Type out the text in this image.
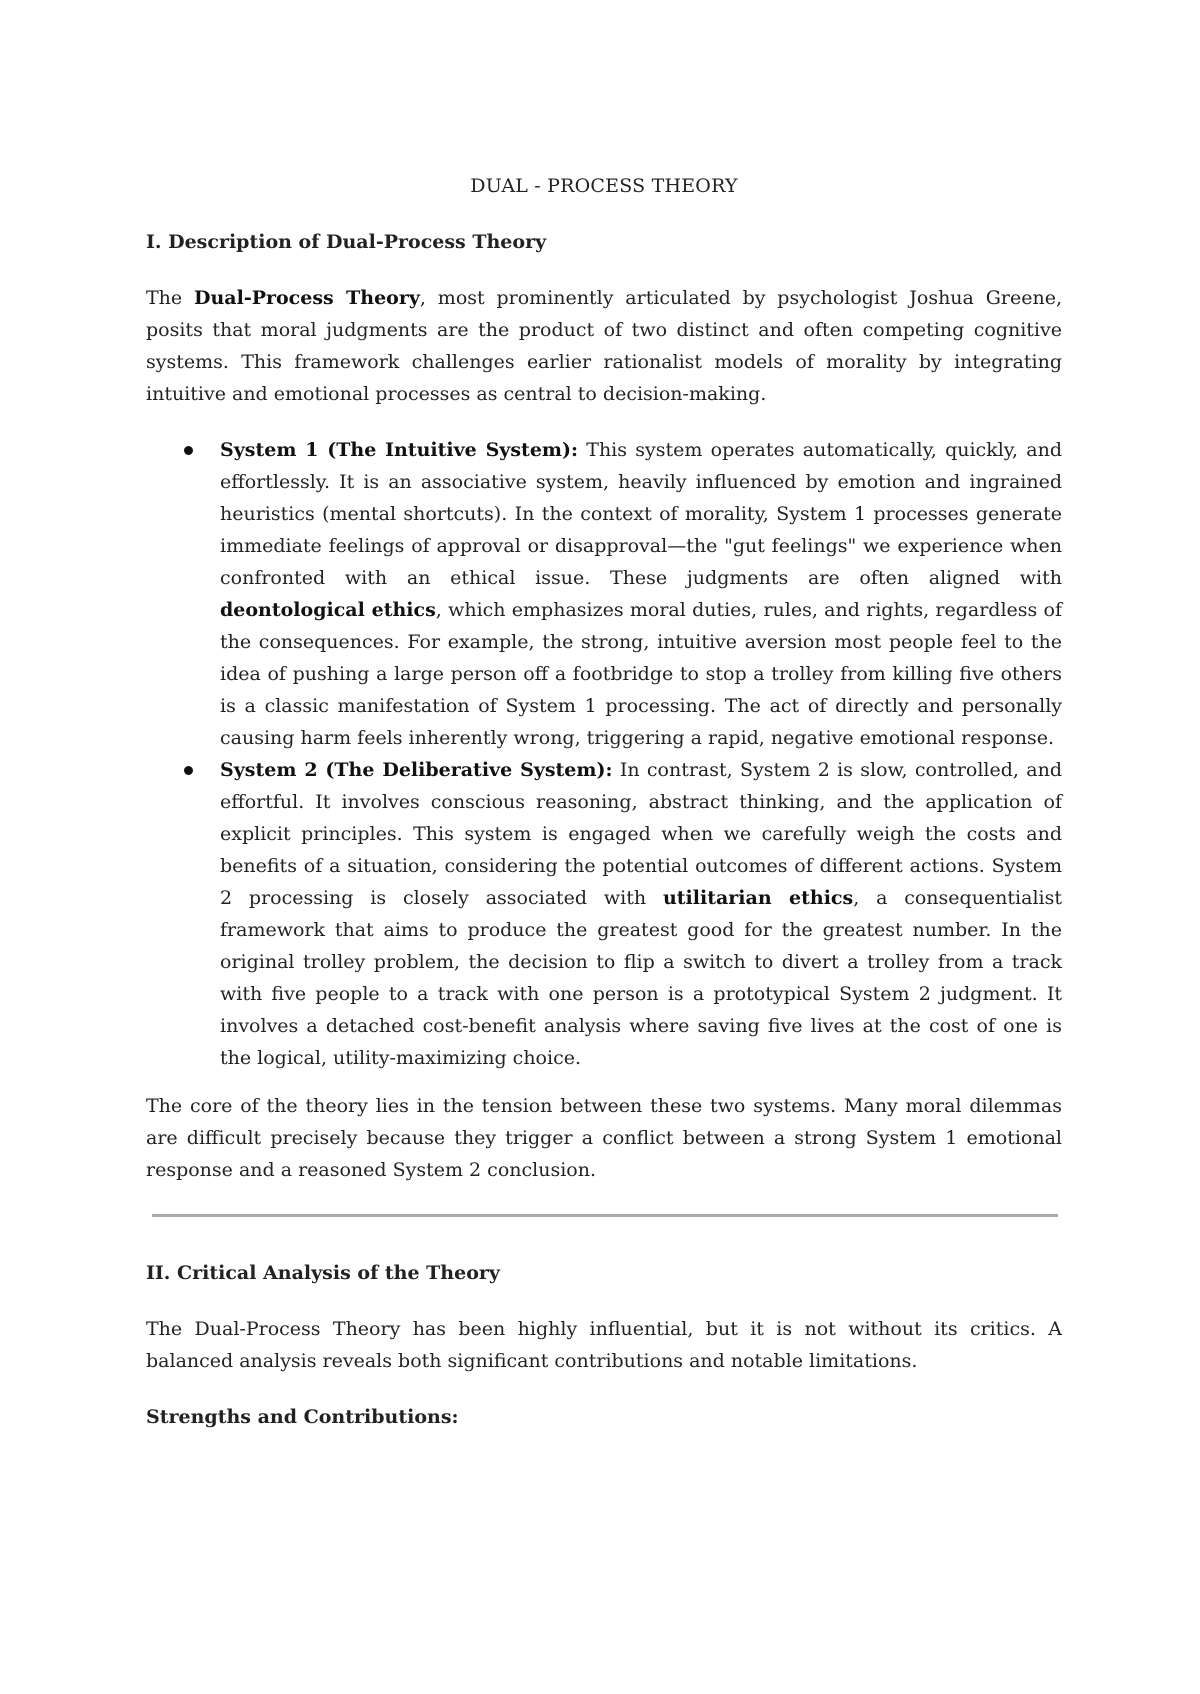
DUAL - PROCESS THEORY
I. Description of Dual-Process Theory

The Dual-Process Theory, most prominently articulated by psychologist Joshua Greene, posits that moral judgments are the product of two distinct and often competing cognitive systems. This framework challenges earlier rationalist models of morality by integrating intuitive and emotional processes as central to decision-making.

System 1 (The Intuitive System): This system operates automatically, quickly, and effortlessly. It is an associative system, heavily influenced by emotion and ingrained heuristics (mental shortcuts). In the context of morality, System 1 processes generate immediate feelings of approval or disapproval—the "gut feelings" we experience when confronted with an ethical issue. These judgments are often aligned with deontological ethics, which emphasizes moral duties, rules, and rights, regardless of the consequences. For example, the strong, intuitive aversion most people feel to the idea of pushing a large person off a footbridge to stop a trolley from killing five others is a classic manifestation of System 1 processing. The act of directly and personally causing harm feels inherently wrong, triggering a rapid, negative emotional response.
System 2 (The Deliberative System): In contrast, System 2 is slow, controlled, and effortful. It involves conscious reasoning, abstract thinking, and the application of explicit principles. This system is engaged when we carefully weigh the costs and benefits of a situation, considering the potential outcomes of different actions. System 2 processing is closely associated with utilitarian ethics, a consequentialist framework that aims to produce the greatest good for the greatest number. In the original trolley problem, the decision to flip a switch to divert a trolley from a track with five people to a track with one person is a prototypical System 2 judgment. It involves a detached cost-benefit analysis where saving five lives at the cost of one is the logical, utility-maximizing choice.

The core of the theory lies in the tension between these two systems. Many moral dilemmas are difficult precisely because they trigger a conflict between a strong System 1 emotional response and a reasoned System 2 conclusion.

II. Critical Analysis of the Theory

The Dual-Process Theory has been highly influential, but it is not without its critics. A balanced analysis reveals both significant contributions and notable limitations.

Strengths and Contributions:
